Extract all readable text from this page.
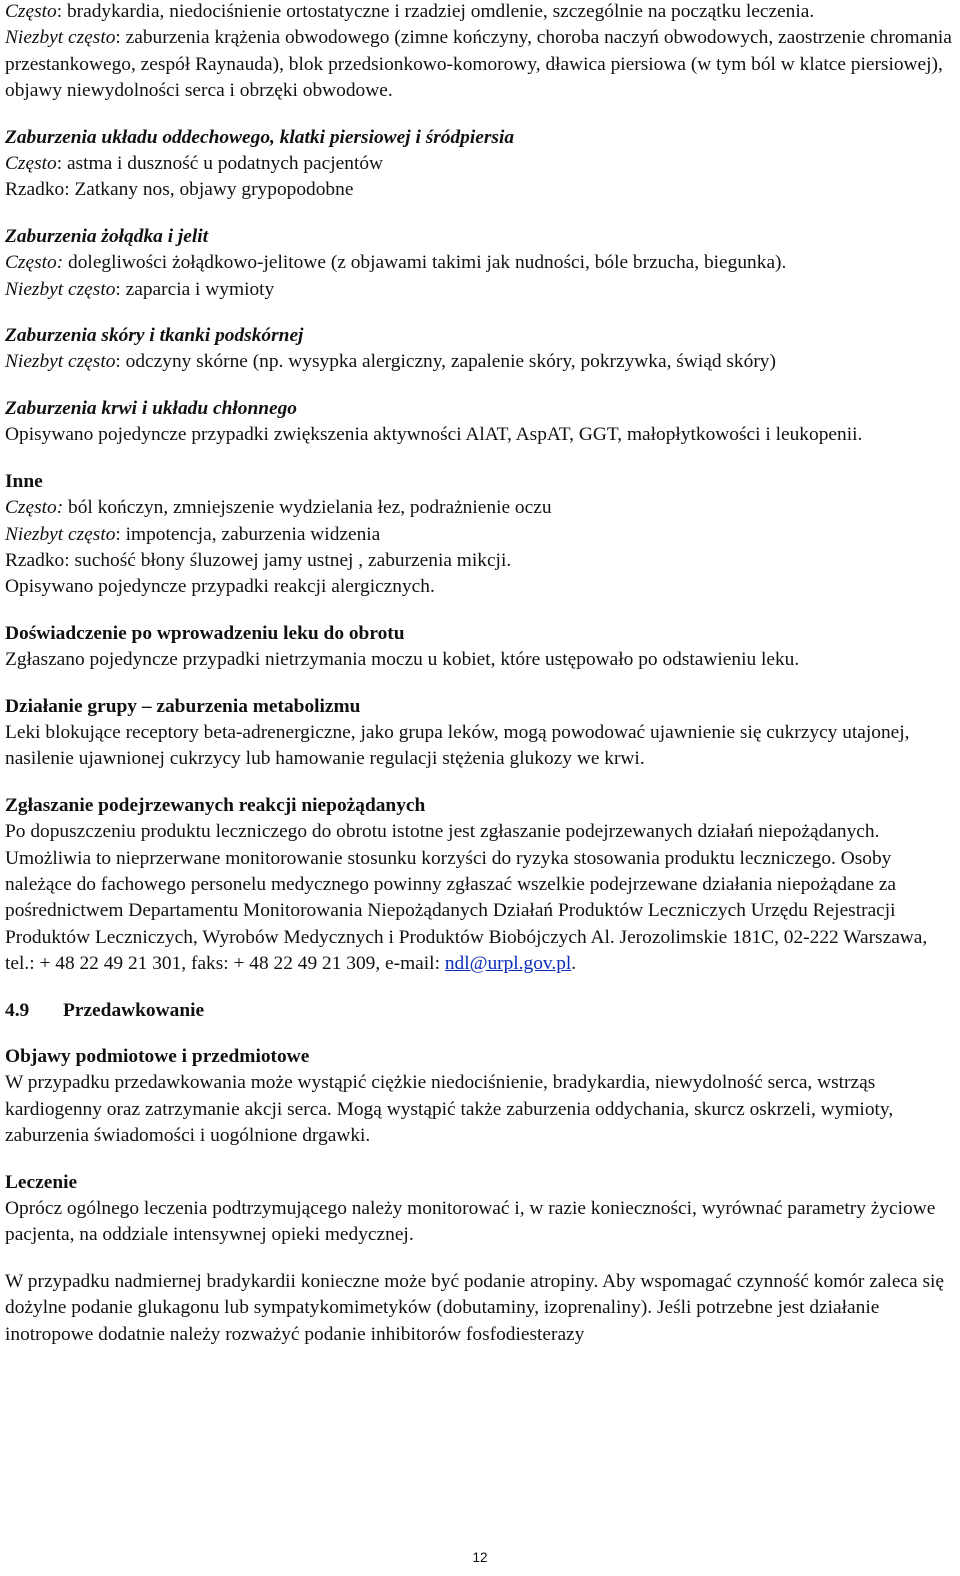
Często: bradykardia, niedociśnienie ortostatyczne i rzadziej omdlenie, szczególnie na początku leczenia.

Niezbyt często: zaburzenia krążenia obwodowego (zimne kończyny, choroba naczyń obwodowych, zaostrzenie chromania przestankowego, zespół Raynauda), blok przedsionkowo-komorowy, dławica piersiowa (w tym ból w klatce piersiowej), objawy niewydolności serca i obrzęki obwodowe.

Zaburzenia układu oddechowego, klatki piersiowej i śródpiersia

Często: astma i duszność u podatnych pacjentów

Rzadko: Zatkany nos, objawy grypopodobne

Zaburzenia żołądka i jelit

Często: dolegliwości żołądkowo-jelitowe (z objawami takimi jak nudności, bóle brzucha, biegunka).

Niezbyt często: zaparcia i wymioty

Zaburzenia skóry i tkanki podskórnej

Niezbyt często: odczyny skórne (np. wysypka alergiczny, zapalenie skóry, pokrzywka, świąd skóry)

Zaburzenia krwi i układu chłonnego

Opisywano pojedyncze przypadki zwiększenia aktywności AlAT, AspAT, GGT, małopłytkowości i leukopenii.

Inne

Często: ból kończyn, zmniejszenie wydzielania łez, podrażnienie oczu

Niezbyt często: impotencja, zaburzenia widzenia

Rzadko: suchość błony śluzowej jamy ustnej , zaburzenia mikcji.

Opisywano pojedyncze przypadki reakcji alergicznych.

Doświadczenie po wprowadzeniu leku do obrotu

Zgłaszano pojedyncze przypadki nietrzymania moczu u kobiet, które ustępowało po odstawieniu leku.

Działanie grupy – zaburzenia metabolizmu

Leki blokujące receptory beta-adrenergiczne, jako grupa leków, mogą powodować ujawnienie się cukrzycy utajonej, nasilenie ujawnionej cukrzycy lub hamowanie regulacji stężenia glukozy we krwi.

Zgłaszanie podejrzewanych reakcji niepożądanych

Po dopuszczeniu produktu leczniczego do obrotu istotne jest zgłaszanie podejrzewanych działań niepożądanych. Umożliwia to nieprzerwane monitorowanie stosunku korzyści do ryzyka stosowania produktu leczniczego. Osoby należące do fachowego personelu medycznego powinny zgłaszać wszelkie podejrzewane działania niepożądane za pośrednictwem Departamentu Monitorowania Niepożądanych Działań Produktów Leczniczych Urzędu Rejestracji Produktów Leczniczych, Wyrobów Medycznych i Produktów Biobójczych Al. Jerozolimskie 181C, 02-222 Warszawa, tel.: + 48 22 49 21 301, faks: + 48 22 49 21 309, e-mail: ndl@urpl.gov.pl.

4.9 Przedawkowanie

Objawy podmiotowe i przedmiotowe

W przypadku przedawkowania może wystąpić ciężkie niedociśnienie, bradykardia, niewydolność serca, wstrząs kardiogenny oraz zatrzymanie akcji serca. Mogą wystąpić także zaburzenia oddychania, skurcz oskrzeli, wymioty, zaburzenia świadomości i uogólnione drgawki.

Leczenie

Oprócz ogólnego leczenia podtrzymującego należy monitorować i, w razie konieczności, wyrównać parametry życiowe pacjenta, na oddziale intensywnej opieki medycznej.

W przypadku nadmiernej bradykardii konieczne może być podanie atropiny. Aby wspomagać czynność komór zaleca się dożylne podanie glukagonu lub sympatykomimetyków (dobutaminy, izoprenaliny). Jeśli potrzebne jest działanie inotropowe dodatnie należy rozważyć podanie inhibitorów fosfodiesterazy

12
